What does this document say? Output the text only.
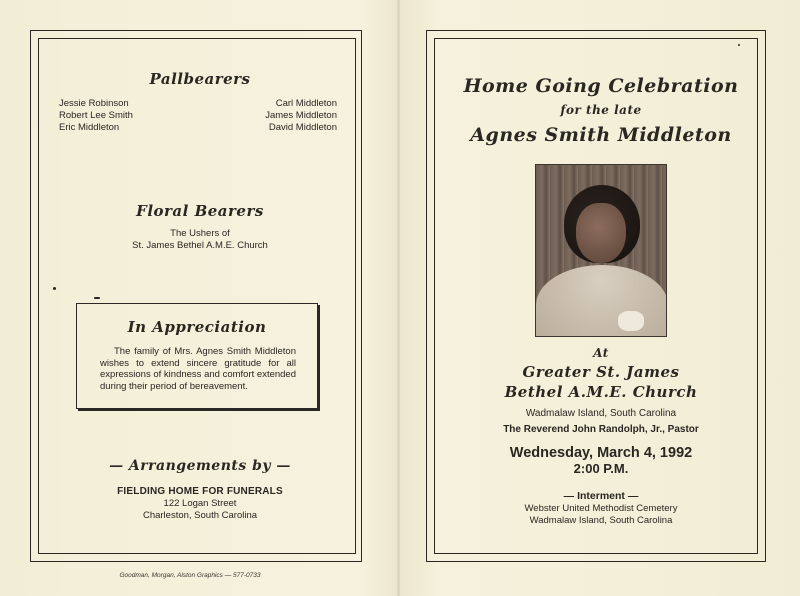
Pallbearers
Jessie Robinson
Robert Lee Smith
Eric Middleton
Carl Middleton
James Middleton
David Middleton
Floral Bearers
The Ushers of
St. James Bethel A.M.E. Church
In Appreciation
The family of Mrs. Agnes Smith Middleton wishes to extend sincere gratitude for all expressions of kindness and comfort extended during their period of bereavement.
— Arrangements by —
FIELDING HOME FOR FUNERALS
122 Logan Street
Charleston, South Carolina
Goodman, Morgan, Alston Graphics — 577-0733
Home Going Celebration
for the late
Agnes Smith Middleton
At
Greater St. James
Bethel A.M.E. Church
Wadmalaw Island, South Carolina
The Reverend John Randolph, Jr., Pastor
Wednesday, March 4, 1992
2:00 P.M.
— Interment —
Webster United Methodist Cemetery
Wadmalaw Island, South Carolina
